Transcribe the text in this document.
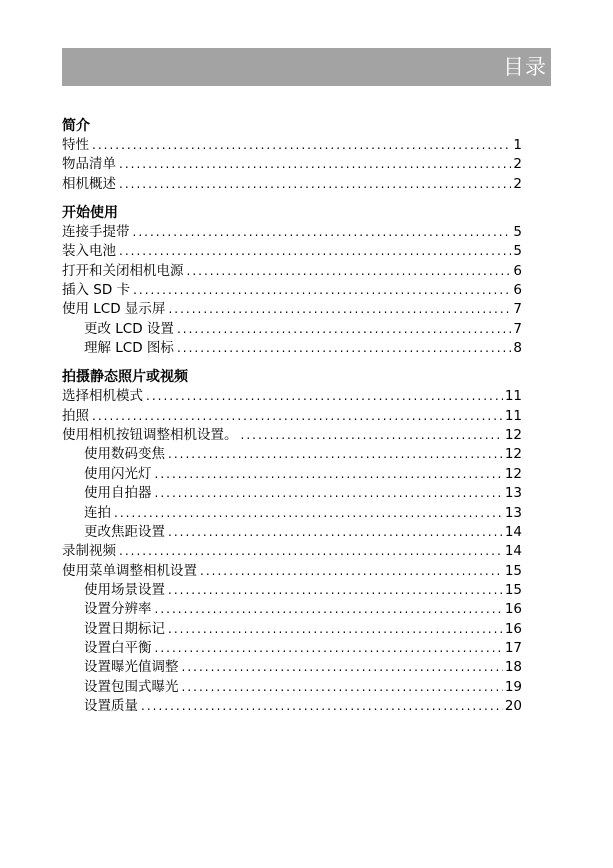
目录
简介
特性 .....	1
物品清单 .....	2
相机概述 .....	2
开始使用
连接手提带 .....	5
装入电池 .....	5
打开和关闭相机电源 .....	6
插入 SD 卡 .....	6
使用 LCD 显示屏 .....	7
更改 LCD 设置 .....	7
理解 LCD 图标 .....	8
拍摄静态照片或视频
选择相机模式 .....	11
拍照 .....	11
使用相机按钮调整相机设置。 .....	12
使用数码变焦 .....	12
使用闪光灯 .....	12
使用自拍器 .....	13
连拍 .....	13
更改焦距设置 .....	14
录制视频 .....	14
使用菜单调整相机设置 .....	15
使用场景设置 .....	15
设置分辨率 .....	16
设置日期标记 .....	16
设置白平衡 .....	17
设置曝光值调整 .....	18
设置包围式曝光 .....	19
设置质量 .....	20
